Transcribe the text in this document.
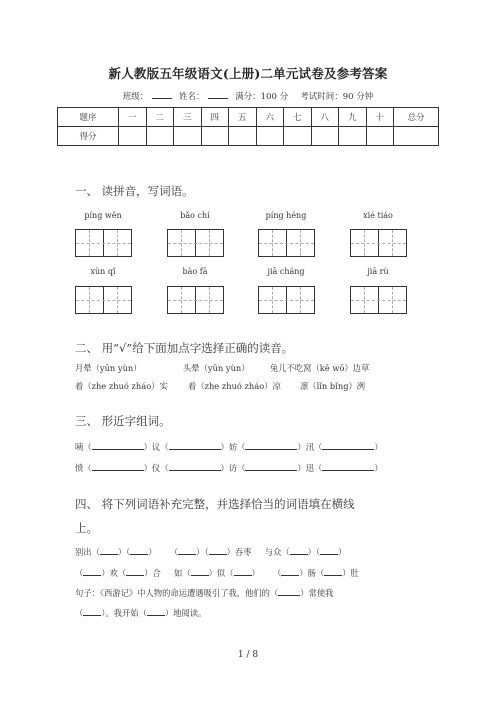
新人教版五年级语文(上册)二单元试卷及参考答案
班级：	姓名：	满分：100 分 考试时间：90 分钟
题序	一	二	三	四	五	六	七	八	九	十	总分
得分											
一、 读拼音，写词语。
píng wěn	bǎo chí	píng héng	xié tiáo
xùn qǐ	bào fā	jiā cháng	jiā rù
二、 用“√”给下面加点字选择正确的读音。
月晕（yūn yùn）	头晕（yūn yùn） 兔儿不吃窝（kē wō）边草
着（zhe zhuó zháo）实 着（zhe zhuó zháo）凉 凛（lǐn bǐng）冽
三、 形近字组词。
咦（	）议（	）妨（	）汛（	）
愤（	）仪（	）访（	）迅（	）
四、 将下列词语补充完整，并选择恰当的词语填在横线
上。
别出（ ）（ ） （ ）（ ）吞枣 与众（ ）（ ）
（ ）欢（ ）合 如（ ）似（ ） （ ）肠（ ）肚
句子：《西游记》中人物的命运遭遇吸引了我，他们的（	）常使我
（ ）。我开始（ ）地阅读。
1 / 8
